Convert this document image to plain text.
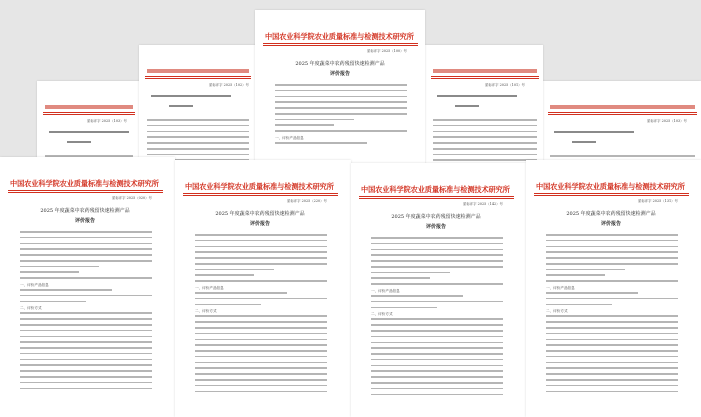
质标评字 2025（103）号	质标评字 2025（103）号
质标评字 2025（102）号	质标评字 2025（101）号
中国农业科学院农业质量标准与检测技术研究所
质标评字 2025（100）号
2025 年度蔬菜中农药残留快速检测产品
评价报告
一、评价产品信息
中国农业科学院农业质量标准与检测技术研究所
质标评字 2025（020）号
2025 年度蔬菜中农药残留快速检测产品
评价报告
一、评价产品信息
二、评价方式
中国农业科学院农业质量标准与检测技术研究所
质标评字 2025（220）号
2025 年度蔬菜中农药残留快速检测产品
评价报告
一、评价产品信息
二、评价方式
中国农业科学院农业质量标准与检测技术研究所
质标评字 2025（142）号
2025 年度蔬菜中农药残留快速检测产品
评价报告
一、评价产品信息
二、评价方式
中国农业科学院农业质量标准与检测技术研究所
质标评字 2025（131）号
2025 年度蔬菜中农药残留快速检测产品
评价报告
一、评价产品信息
二、评价方式
